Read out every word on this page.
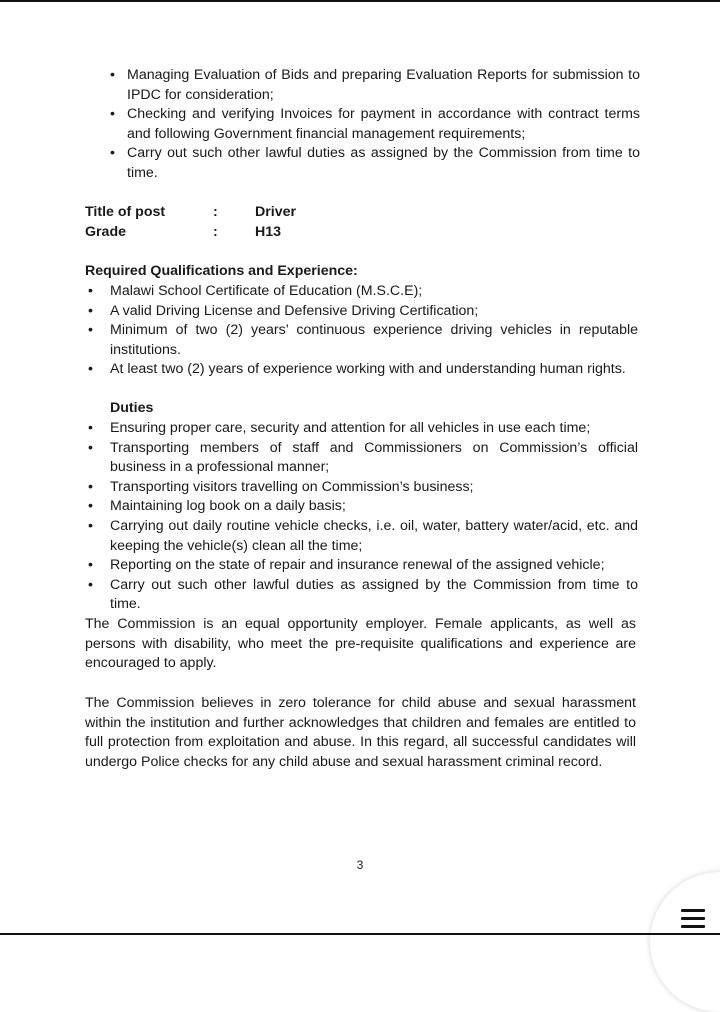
• Managing Evaluation of Bids and preparing Evaluation Reports for submission to IPDC for consideration;
• Checking and verifying Invoices for payment in accordance with contract terms and following Government financial management requirements;
• Carry out such other lawful duties as assigned by the Commission from time to time.
Title of post	:	Driver
Grade	:	H13
Required Qualifications and Experience:
• Malawi School Certificate of Education (M.S.C.E);
• A valid Driving License and Defensive Driving Certification;
• Minimum of two (2) years’ continuous experience driving vehicles in reputable institutions.
• At least two (2) years of experience working with and understanding human rights.
Duties
• Ensuring proper care, security and attention for all vehicles in use each time;
• Transporting members of staff and Commissioners on Commission’s official business in a professional manner;
• Transporting visitors travelling on Commission’s business;
• Maintaining log book on a daily basis;
• Carrying out daily routine vehicle checks, i.e. oil, water, battery water/acid, etc. and keeping the vehicle(s) clean all the time;
• Reporting on the state of repair and insurance renewal of the assigned vehicle;
• Carry out such other lawful duties as assigned by the Commission from time to time.

The Commission is an equal opportunity employer. Female applicants, as well as persons with disability, who meet the pre-requisite qualifications and experience are encouraged to apply.

The Commission believes in zero tolerance for child abuse and sexual harassment within the institution and further acknowledges that children and females are entitled to full protection from exploitation and abuse. In this regard, all successful candidates will undergo Police checks for any child abuse and sexual harassment criminal record.

3
